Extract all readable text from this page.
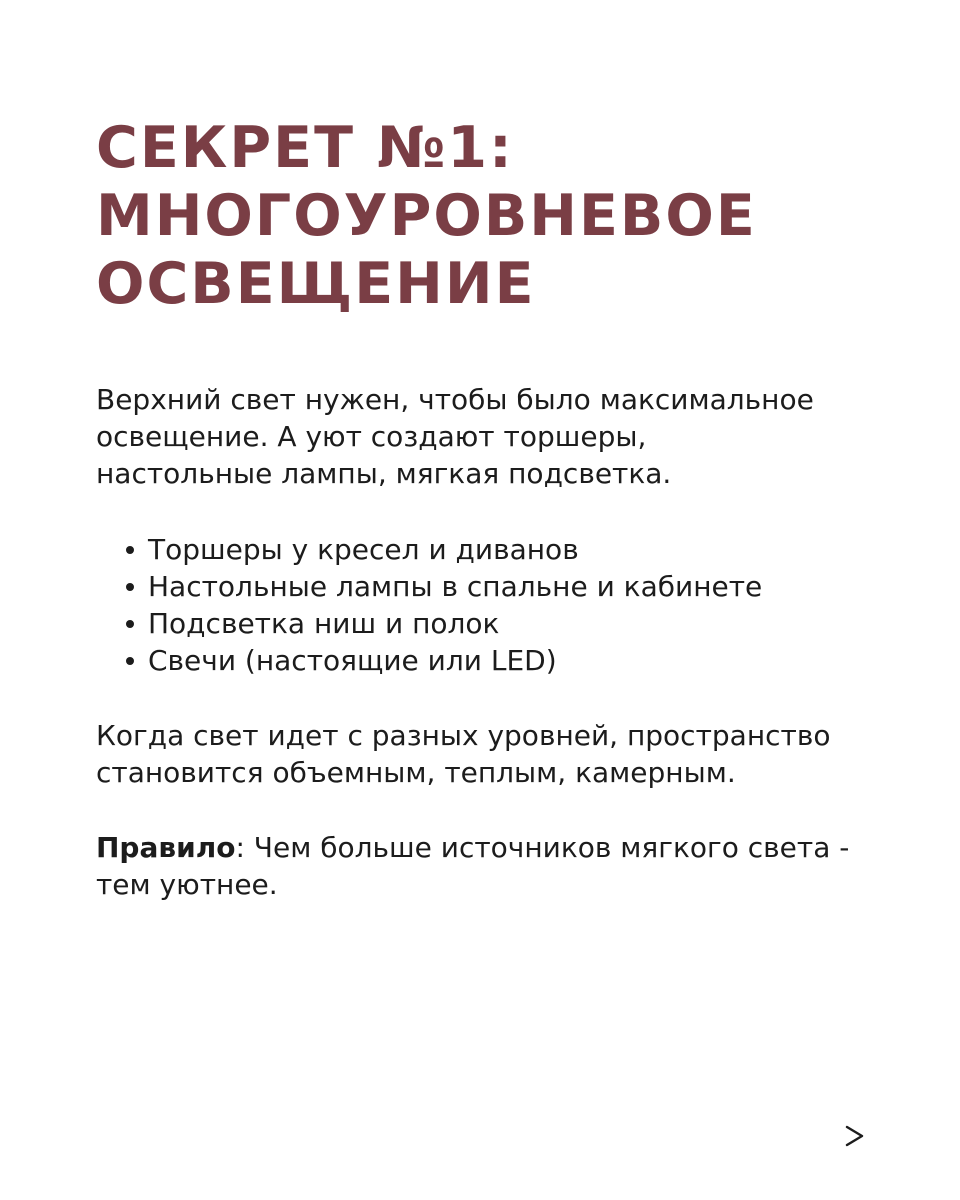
СЕКРЕТ №1:
МНОГОУРОВНЕВОЕ
ОСВЕЩЕНИЕ

Верхний свет нужен, чтобы было максимальное
освещение. А уют создают торшеры,
настольные лампы, мягкая подсветка.

Торшеры у кресел и диванов
Настольные лампы в спальне и кабинете
Подсветка ниш и полок
Свечи (настоящие или LED)

Когда свет идет с разных уровней, пространство
становится объемным, теплым, камерным.

Правило: Чем больше источников мягкого света -
тем уютнее.
